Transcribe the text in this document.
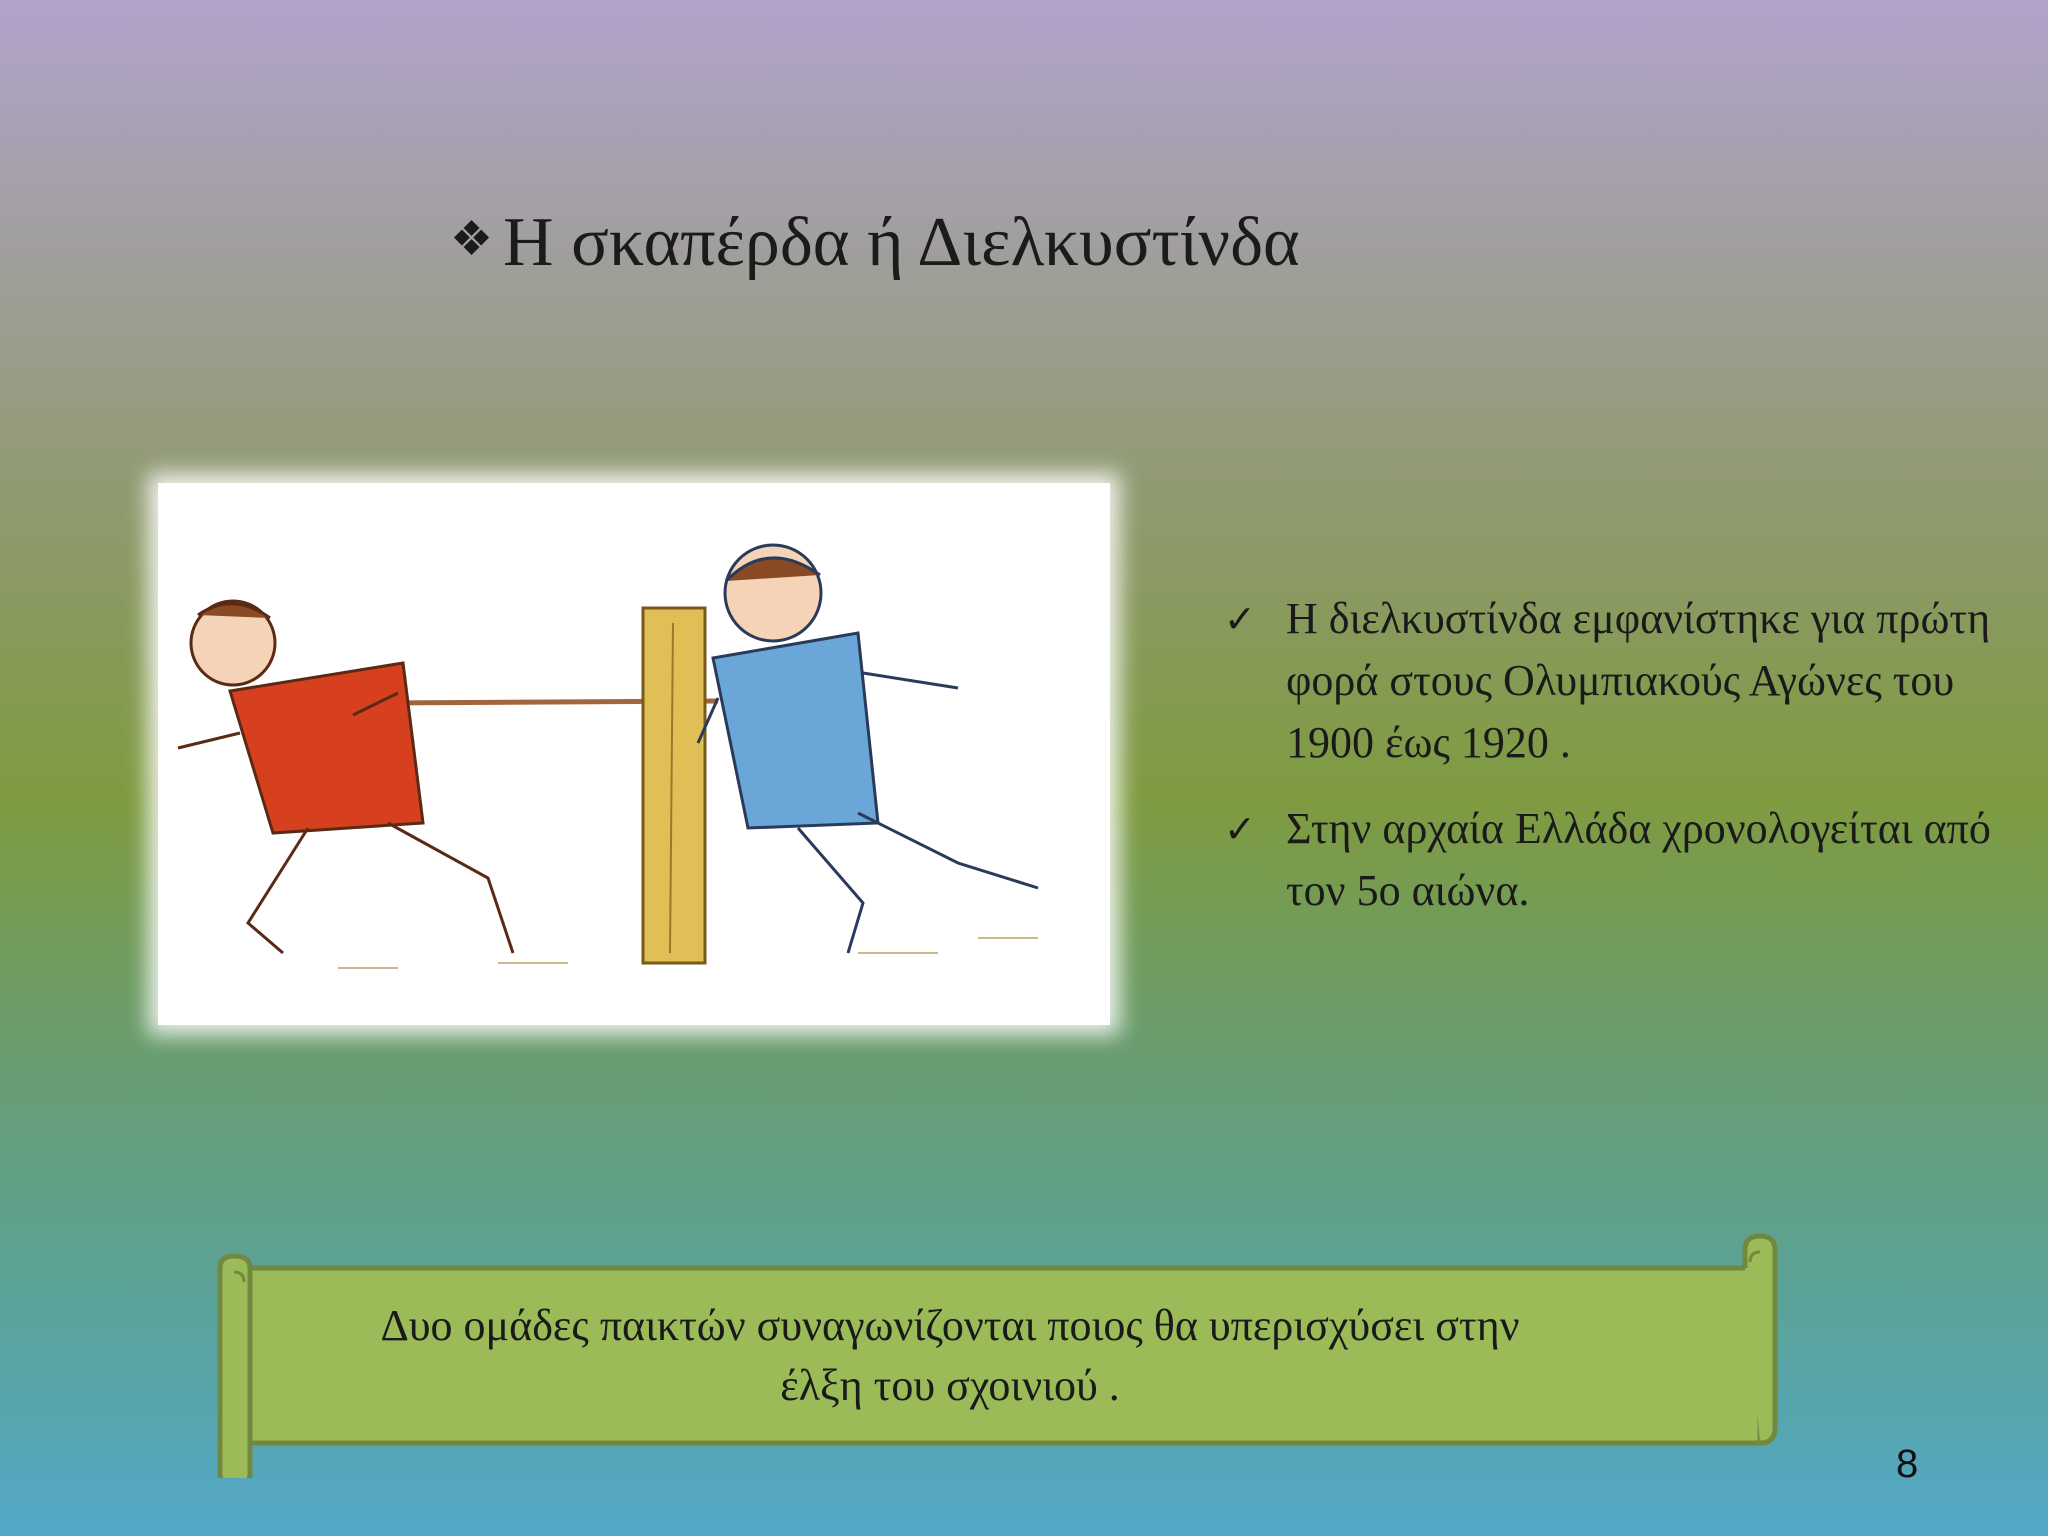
❖ Η σκαπέρδα ή Διελκυστίνδα
✓ Η διελκυστίνδα εμφανίστηκε για πρώτη φορά στους Ολυμπιακούς Αγώνες του 1900 έως 1920 .
✓ Στην αρχαία Ελλάδα χρονολογείται από τον 5ο αιώνα.
Δυο ομάδες παικτών συναγωνίζονται ποιος θα υπερισχύσει στην
έλξη του σχοινιού .
8
